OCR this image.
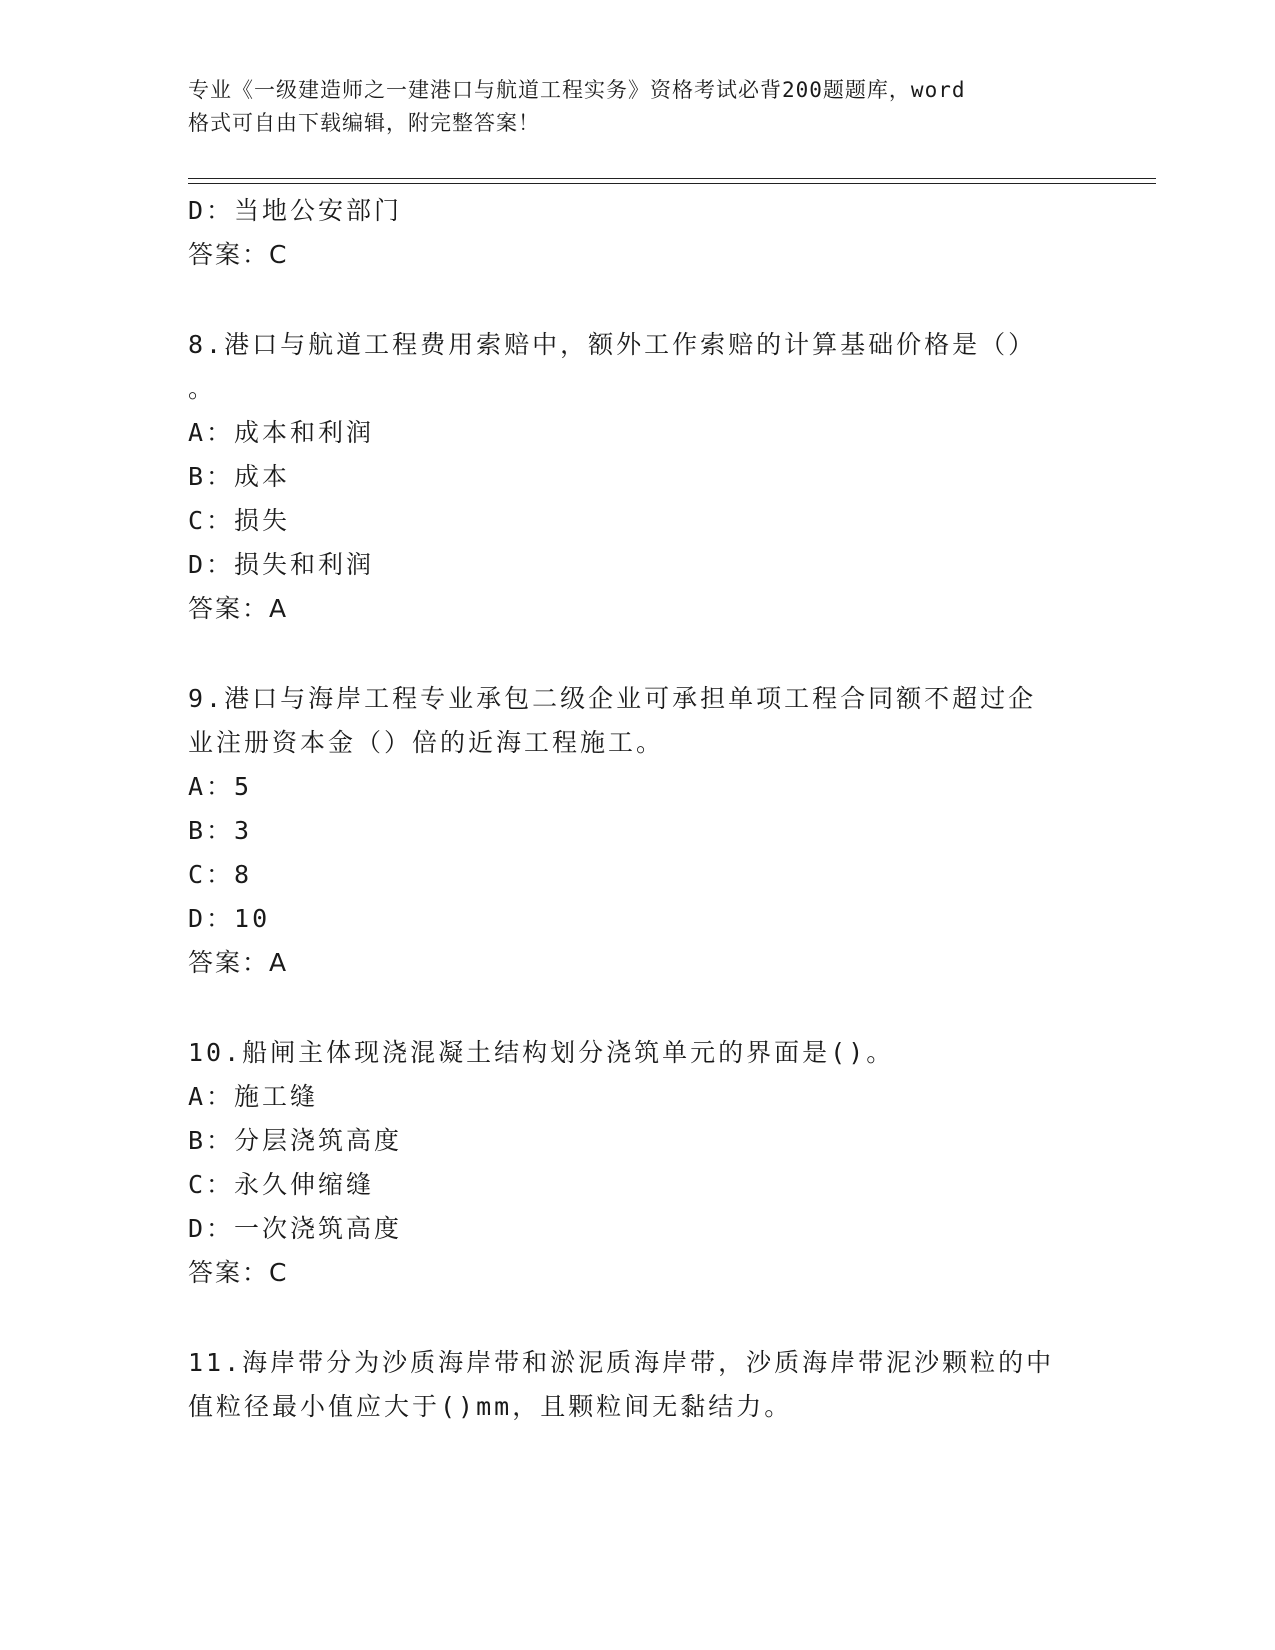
专业《一级建造师之一建港口与航道工程实务》资格考试必背200题题库，word
格式可自由下载编辑，附完整答案！
D：当地公安部门
答案：C
8.港口与航道工程费用索赔中，额外工作索赔的计算基础价格是（）
。
A：成本和利润
B：成本
C：损失
D：损失和利润
答案：A
9.港口与海岸工程专业承包二级企业可承担单项工程合同额不超过企
业注册资本金（）倍的近海工程施工。
A：5
B：3
C：8
D：10
答案：A
10.船闸主体现浇混凝土结构划分浇筑单元的界面是()。
A：施工缝
B：分层浇筑高度
C：永久伸缩缝
D：一次浇筑高度
答案：C
11.海岸带分为沙质海岸带和淤泥质海岸带，沙质海岸带泥沙颗粒的中
值粒径最小值应大于()mm，且颗粒间无黏结力。
